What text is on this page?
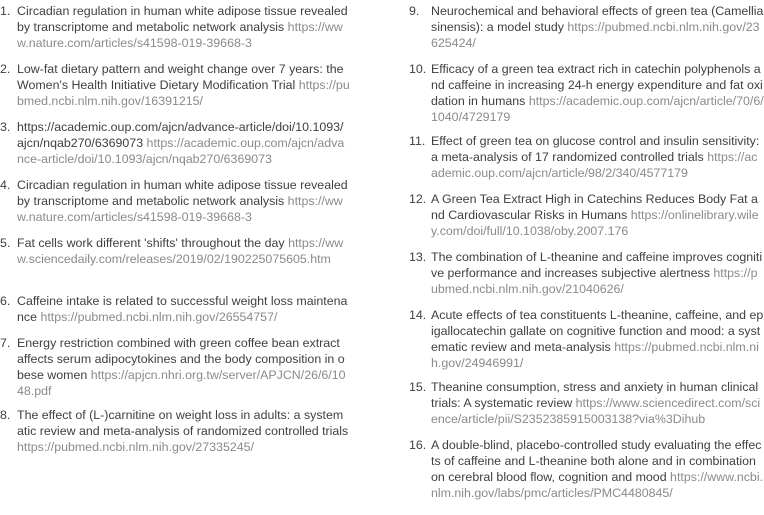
1. Circadian regulation in human white adipose tissue revealed by transcriptome and metabolic network analysis https://www.nature.com/articles/s41598-019-39668-3
2. Low-fat dietary pattern and weight change over 7 years: the Women's Health Initiative Dietary Modification Trial https://pubmed.ncbi.nlm.nih.gov/16391215/
3. https://academic.oup.com/ajcn/advance-article/doi/10.1093/ajcn/nqab270/6369073 https://academic.oup.com/ajcn/advance-article/doi/10.1093/ajcn/nqab270/6369073
4. Circadian regulation in human white adipose tissue revealed by transcriptome and metabolic network analysis https://www.nature.com/articles/s41598-019-39668-3
5. Fat cells work different 'shifts' throughout the day https://www.sciencedaily.com/releases/2019/02/190225075605.htm
6. Caffeine intake is related to successful weight loss maintenance https://pubmed.ncbi.nlm.nih.gov/26554757/
7. Energy restriction combined with green coffee bean extract affects serum adipocytokines and the body composition in obese women https://apjcn.nhri.org.tw/server/APJCN/26/6/1048.pdf
8. The effect of (L-)carnitine on weight loss in adults: a systematic review and meta-analysis of randomized controlled trials https://pubmed.ncbi.nlm.nih.gov/27335245/
9. Neurochemical and behavioral effects of green tea (Camellia sinensis): a model study https://pubmed.ncbi.nlm.nih.gov/23625424/
10. Efficacy of a green tea extract rich in catechin polyphenols and caffeine in increasing 24-h energy expenditure and fat oxidation in humans https://academic.oup.com/ajcn/article/70/6/1040/4729179
11. Effect of green tea on glucose control and insulin sensitivity: a meta-analysis of 17 randomized controlled trials https://academic.oup.com/ajcn/article/98/2/340/4577179
12. A Green Tea Extract High in Catechins Reduces Body Fat and Cardiovascular Risks in Humans https://onlinelibrary.wiley.com/doi/full/10.1038/oby.2007.176
13. The combination of L-theanine and caffeine improves cognitive performance and increases subjective alertness https://pubmed.ncbi.nlm.nih.gov/21040626/
14. Acute effects of tea constituents L-theanine, caffeine, and epigallocatechin gallate on cognitive function and mood: a systematic review and meta-analysis https://pubmed.ncbi.nlm.nih.gov/24946991/
15. Theanine consumption, stress and anxiety in human clinical trials: A systematic review https://www.sciencedirect.com/science/article/pii/S2352385915003138?via%3Dihub
16. A double-blind, placebo-controlled study evaluating the effects of caffeine and L-theanine both alone and in combination on cerebral blood flow, cognition and mood https://www.ncbi.nlm.nih.gov/labs/pmc/articles/PMC4480845/
